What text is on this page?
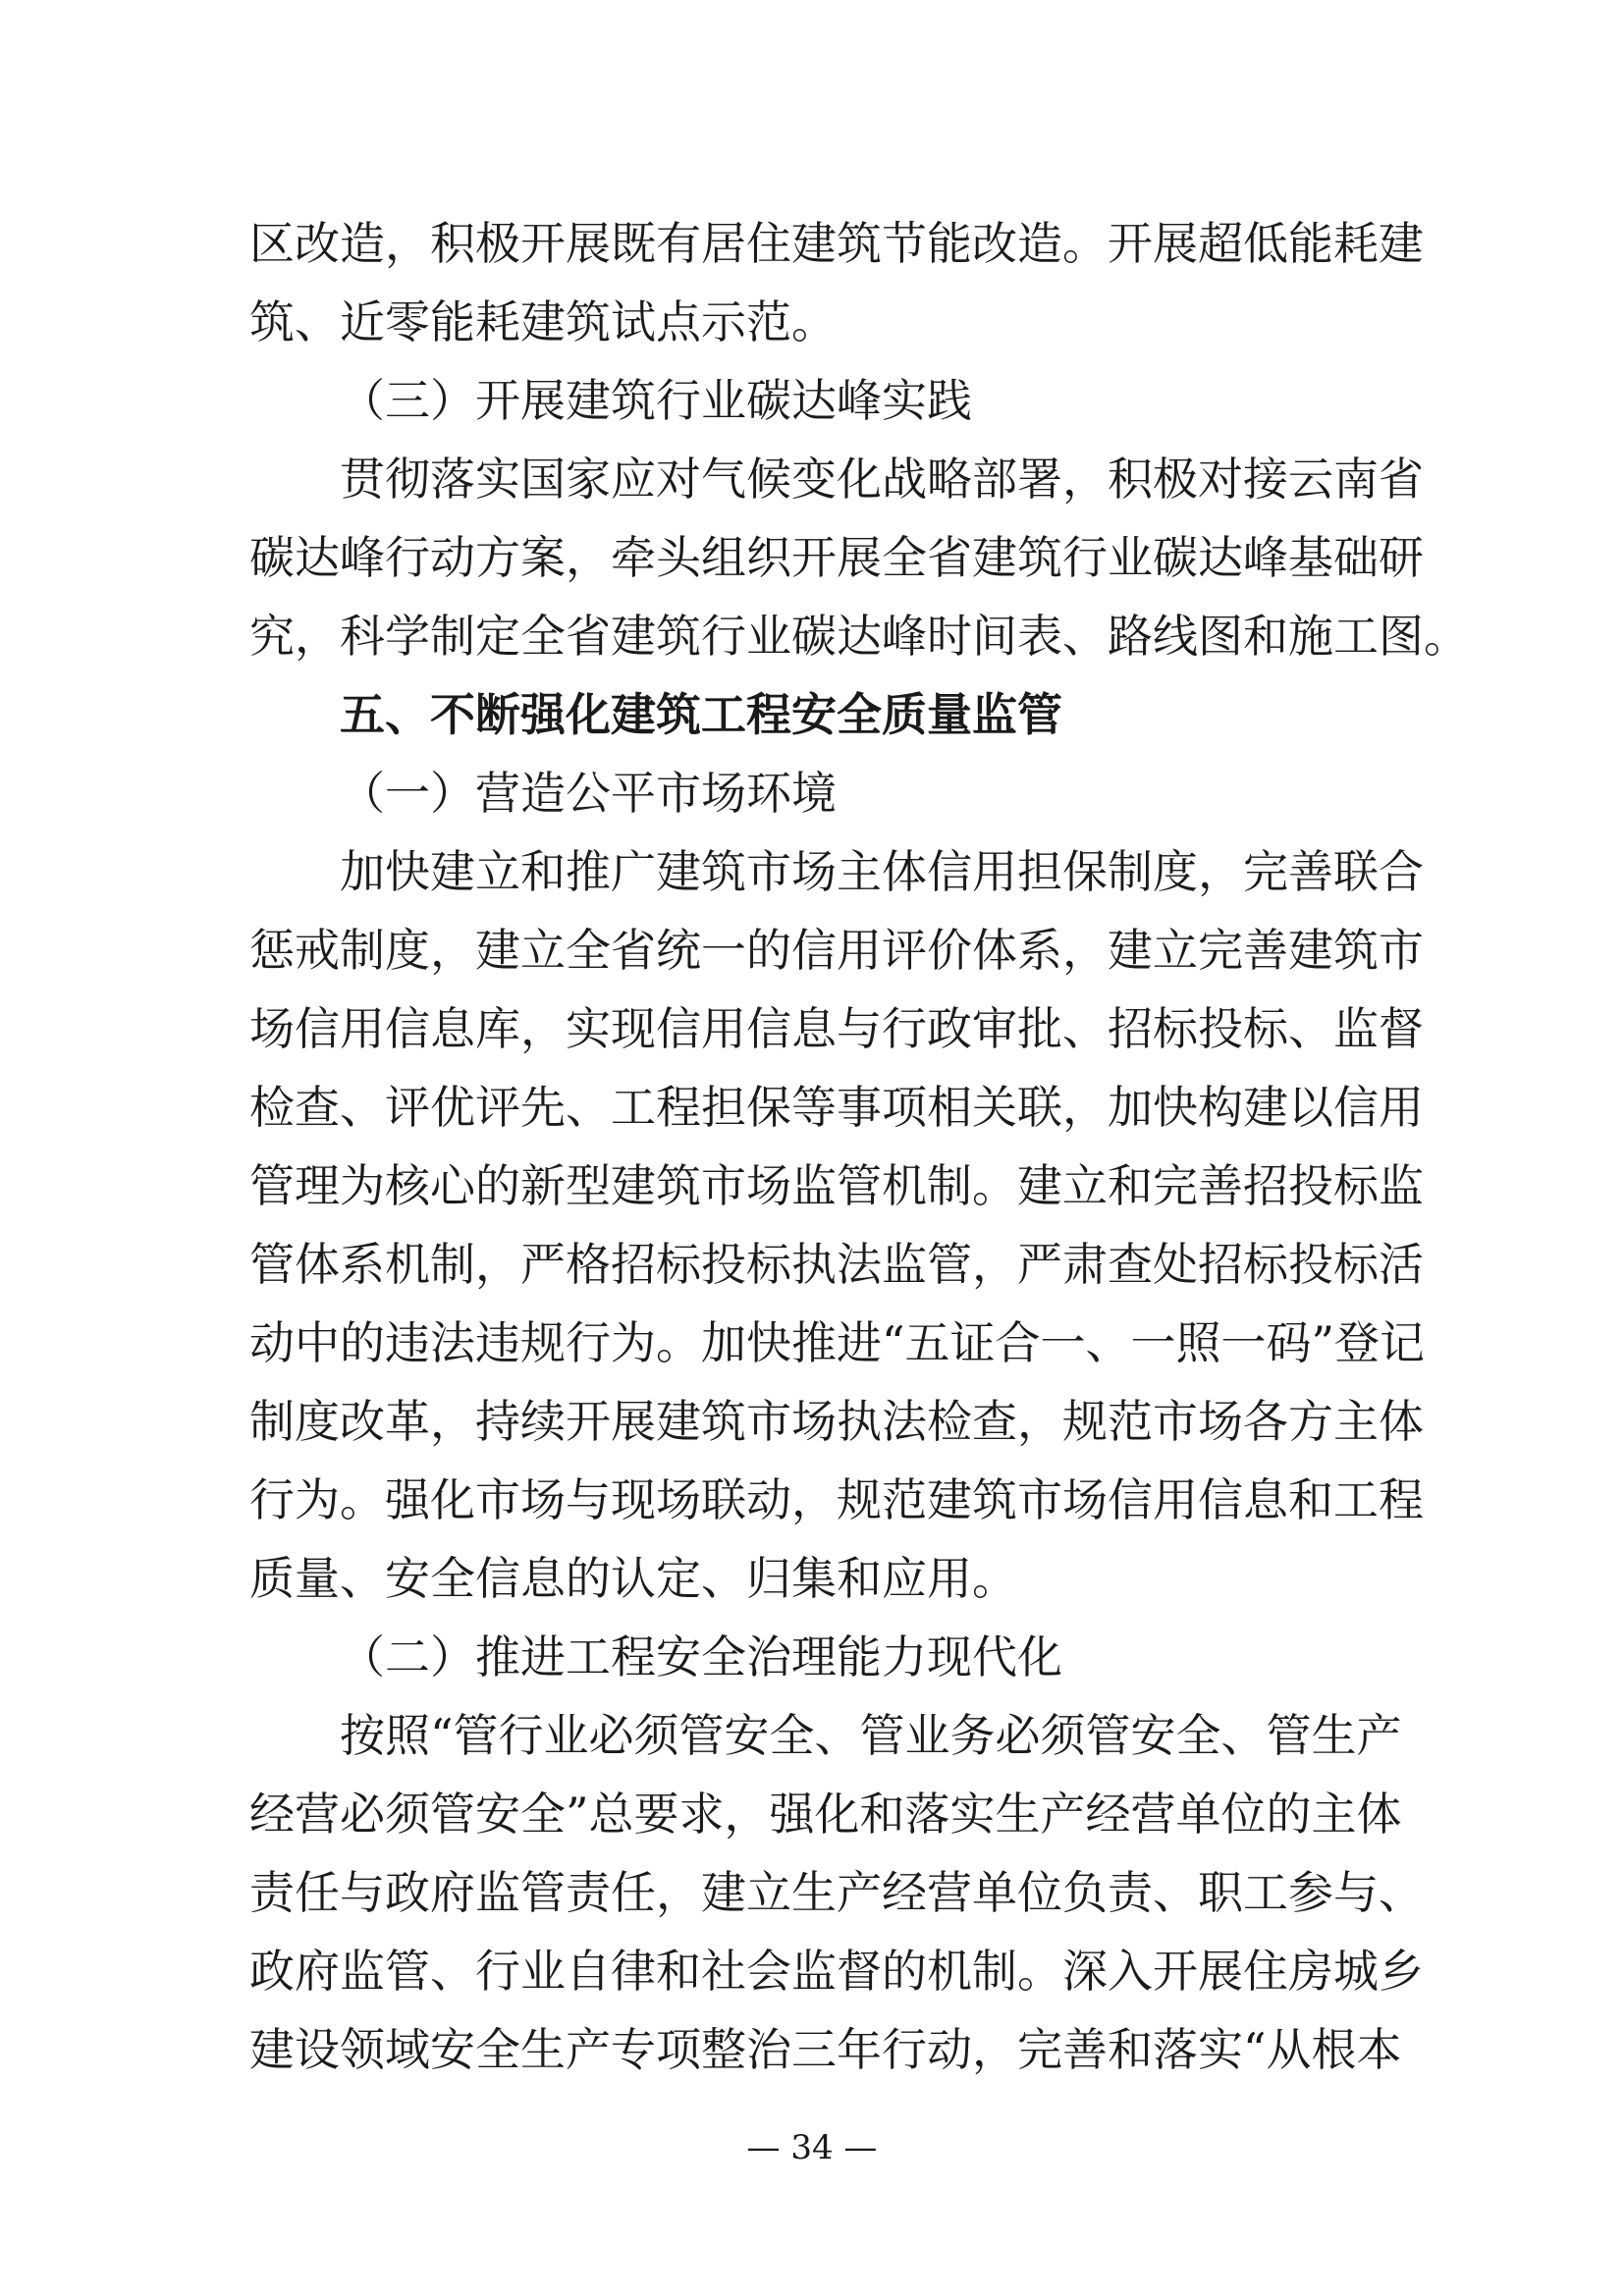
区改造，积极开展既有居住建筑节能改造。开展超低能耗建
筑、近零能耗建筑试点示范。
（三）开展建筑行业碳达峰实践
贯彻落实国家应对气候变化战略部署，积极对接云南省
碳达峰行动方案，牵头组织开展全省建筑行业碳达峰基础研
究，科学制定全省建筑行业碳达峰时间表、路线图和施工图。
五、不断强化建筑工程安全质量监管
（一）营造公平市场环境
加快建立和推广建筑市场主体信用担保制度，完善联合
惩戒制度，建立全省统一的信用评价体系，建立完善建筑市
场信用信息库，实现信用信息与行政审批、招标投标、监督
检查、评优评先、工程担保等事项相关联，加快构建以信用
管理为核心的新型建筑市场监管机制。建立和完善招投标监
管体系机制，严格招标投标执法监管，严肃查处招标投标活
动中的违法违规行为。加快推进“五证合一、一照一码”登记
制度改革，持续开展建筑市场执法检查，规范市场各方主体
行为。强化市场与现场联动，规范建筑市场信用信息和工程
质量、安全信息的认定、归集和应用。
（二）推进工程安全治理能力现代化
按照“管行业必须管安全、管业务必须管安全、管生产
经营必须管安全”总要求，强化和落实生产经营单位的主体
责任与政府监管责任，建立生产经营单位负责、职工参与、
政府监管、行业自律和社会监督的机制。深入开展住房城乡
建设领域安全生产专项整治三年行动，完善和落实“从根本
— 34 —
